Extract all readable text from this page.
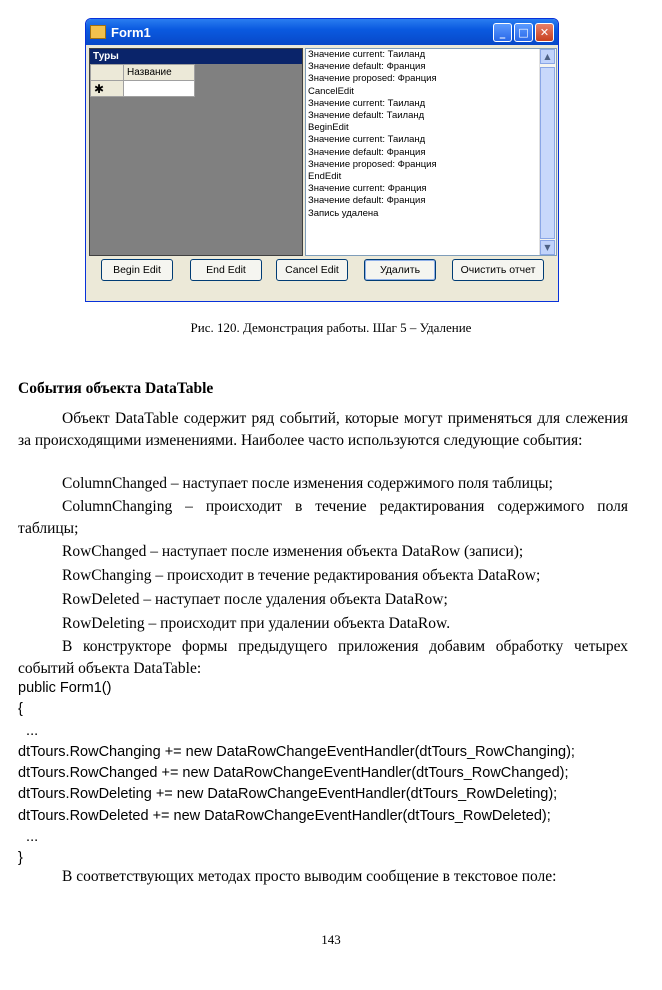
Form1	_	□	✕
Туры
	Название
✱	
Значение current: Таиланд
Значение default: Франция
Значение proposed: Франция
CancelEdit
Значение current: Таиланд
Значение default: Таиланд
BeginEdit
Значение current: Таиланд
Значение default: Франция
Значение proposed: Франция
EndEdit
Значение current: Франция
Значение default: Франция
Запись удалена
▲
▼
Begin Edit	End Edit	Cancel Edit	Удалить	Очистить отчет
Рис. 120. Демонстрация работы. Шаг 5 – Удаление
События объекта DataTable
Объект DataTable содержит ряд событий, которые могут применяться для слежения за происходящими изменениями. Наиболее часто используются следующие события:
ColumnChanged – наступает после изменения содержимого поля таблицы;
ColumnChanging – происходит в течение редактирования содержимого поля таблицы;
RowChanged – наступает после изменения объекта DataRow (записи);
RowChanging – происходит в течение редактирования объекта DataRow;
RowDeleted – наступает после удаления объекта DataRow;
RowDeleting – происходит при удалении объекта DataRow.
В конструкторе формы предыдущего приложения добавим обработку четырех событий объекта DataTable:
public Form1()
{
...
dtTours.RowChanging += new DataRowChangeEventHandler(dtTours_RowChanging);
dtTours.RowChanged += new DataRowChangeEventHandler(dtTours_RowChanged);
dtTours.RowDeleting += new DataRowChangeEventHandler(dtTours_RowDeleting);
dtTours.RowDeleted += new DataRowChangeEventHandler(dtTours_RowDeleted);
...
}
В соответствующих методах просто выводим сообщение в текстовое поле:
143
